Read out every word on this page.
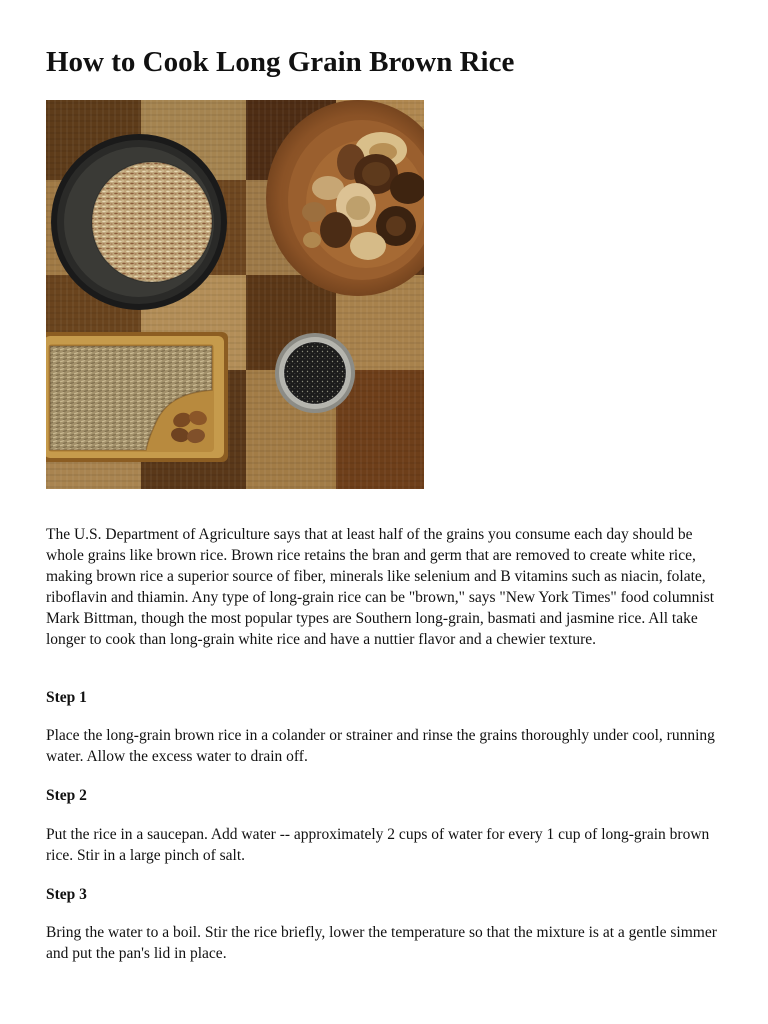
How to Cook Long Grain Brown Rice

The U.S. Department of Agriculture says that at least half of the grains you consume each day should be whole grains like brown rice. Brown rice retains the bran and germ that are removed to create white rice, making brown rice a superior source of fiber, minerals like selenium and B vitamins such as niacin, folate, riboflavin and thiamin. Any type of long-grain rice can be "brown," says "New York Times" food columnist Mark Bittman, though the most popular types are Southern long-grain, basmati and jasmine rice. All take longer to cook than long-grain white rice and have a nuttier flavor and a chewier texture.

Step 1

Place the long-grain brown rice in a colander or strainer and rinse the grains thoroughly under cool, running water. Allow the excess water to drain off.

Step 2

Put the rice in a saucepan. Add water -- approximately 2 cups of water for every 1 cup of long-grain brown rice. Stir in a large pinch of salt.

Step 3

Bring the water to a boil. Stir the rice briefly, lower the temperature so that the mixture is at a gentle simmer and put the pan's lid in place.
